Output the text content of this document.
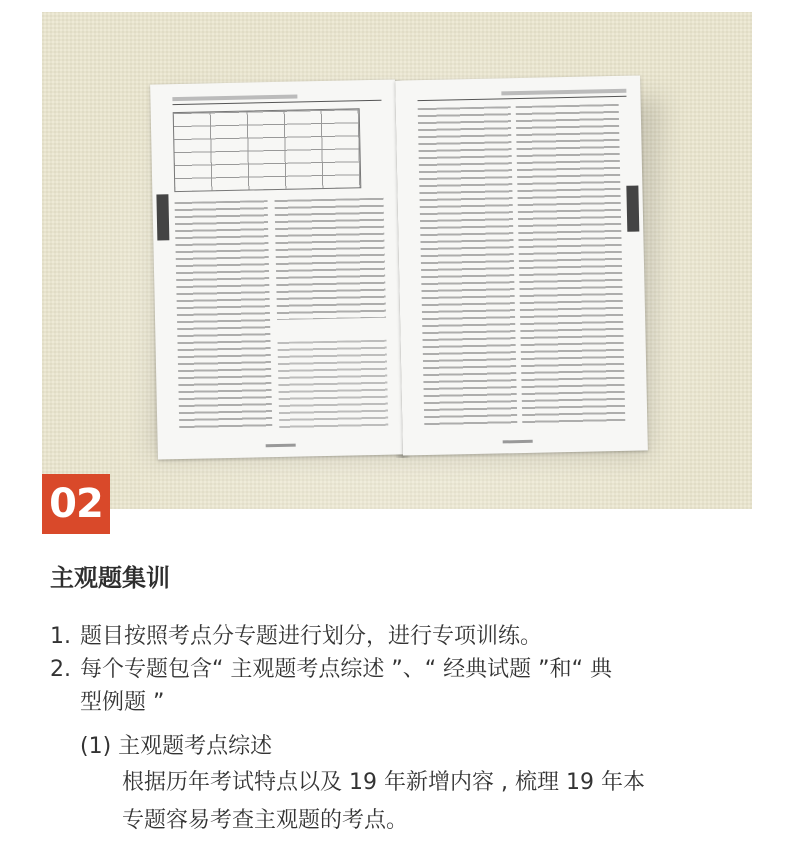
02
主观题集训
1. 题目按照考点分专题进行划分，进行专项训练。
2. 每个专题包含“ 主观题考点综述 ”、“ 经典试题 ”和“ 典
型例题 ”
(1) 主观题考点综述
根据历年考试特点以及 19 年新增内容 , 梳理 19 年本
专题容易考查主观题的考点。
